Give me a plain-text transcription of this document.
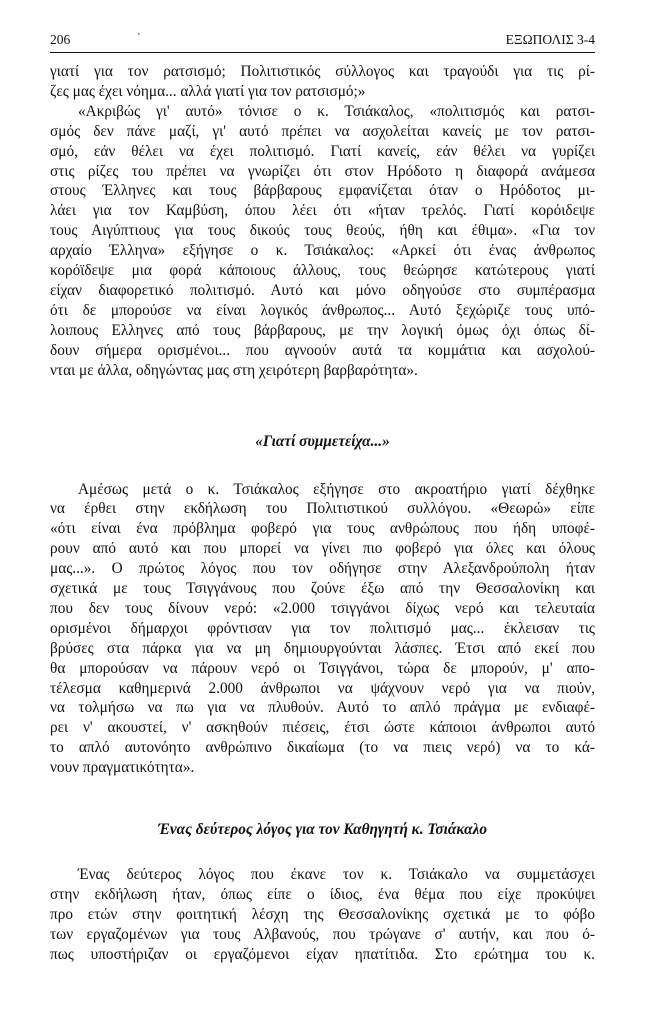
206	'	ΕΞΩΠΟΛΙΣ 3-4

γιατί για τον ρατσισμό; Πολιτιστικός σύλλογος και τραγούδι για τις ρί-

ζες μας έχει νόημα... αλλά γιατί για τον ρατσισμό;»

«Ακριβώς γι' αυτό» τόνισε ο κ. Τσιάκαλος, «πολιτισμός και ρατσι-

σμός δεν πάνε μαζί, γι' αυτό πρέπει να ασχολείται κανείς με τον ρατσι-

σμό, εάν θέλει να έχει πολιτισμό. Γιατί κανείς, εάν θέλει να γυρίζει

στις ρίζες του πρέπει να γνωρίζει ότι στον Ηρόδοτο η διαφορά ανάμεσα

στους Έλληνες και τους βάρβαρους εμφανίζεται όταν ο Ηρόδοτος μι-

λάει για τον Καμβύση, όπου λέει ότι «ήταν τρελός. Γιατί κορόιδεψε

τους Αιγύπτιους για τους δικούς τους θεούς, ήθη και έθιμα». «Για τον

αρχαίο Έλληνα» εξήγησε ο κ. Τσιάκαλος: «Αρκεί ότι ένας άνθρωπος

κορόϊδεψε μια φορά κάποιους άλλους, τους θεώρησε κατώτερους γιατί

είχαν διαφορετικό πολιτισμό. Αυτό και μόνο οδηγούσε στο συμπέρασμα

ότι δε μπορούσε να είναι λογικός άνθρωπος... Αυτό ξεχώριζε τους υπό-

λοιπους Ελληνες από τους βάρβαρους, με την λογική όμως όχι όπως δί-

δουν σήμερα ορισμένοι... που αγνοούν αυτά τα κομμάτια και ασχολού-

νται με άλλα, οδηγώντας μας στη χειρότερη βαρβαρότητα».

«Γιατί συμμετείχα...»

Αμέσως μετά ο κ. Τσιάκαλος εξήγησε στο ακροατήριο γιατί δέχθηκε

να έρθει στην εκδήλωση του Πολιτιστικού συλλόγου. «Θεωρώ» είπε

«ότι είναι ένα πρόβλημα φοβερό για τους ανθρώπους που ήδη υποφέ-

ρουν από αυτό και που μπορεί να γίνει πιο φοβερό για όλες και όλους

μας...». Ο πρώτος λόγος που τον οδήγησε στην Αλεξανδρούπολη ήταν

σχετικά με τους Τσιγγάνους που ζούνε έξω από την Θεσσαλονίκη και

που δεν τους δίνουν νερό: «2.000 τσιγγάνοι δίχως νερό και τελευταία

ορισμένοι δήμαρχοι φρόντισαν για τον πολιτισμό μας... έκλεισαν τις

βρύσες στα πάρκα για να μη δημιουργούνται λάσπες. Έτσι από εκεί που

θα μπορούσαν να πάρουν νερό οι Τσιγγάνοι, τώρα δε μπορούν, μ' απο-

τέλεσμα καθημερινά 2.000 άνθρωποι να ψάχνουν νερό για να πιούν,

να τολμήσω να πω για να πλυθούν. Αυτό το απλό πράγμα με ενδιαφέ-

ρει ν' ακουστεί, ν' ασκηθούν πιέσεις, έτσι ώστε κάποιοι άνθρωποι αυτό

το απλό αυτονόητο ανθρώπινο δικαίωμα (το να πιεις νερό) να το κά-

νουν πραγματικότητα».

Ένας δεύτερος λόγος για τον Καθηγητή κ. Τσιάκαλο

Ένας δεύτερος λόγος που έκανε τον κ. Τσιάκαλο να συμμετάσχει

στην εκδήλωση ήταν, όπως είπε ο ίδιος, ένα θέμα που είχε προκύψει

προ ετών στην φοιτητική λέσχη της Θεσσαλονίκης σχετικά με το φόβο

των εργαζομένων για τους Αλβανούς, που τρώγανε σ' αυτήν, και που ό-

πως υποστήριζαν οι εργαζόμενοι είχαν ηπατίτιδα. Στο ερώτημα του κ.
